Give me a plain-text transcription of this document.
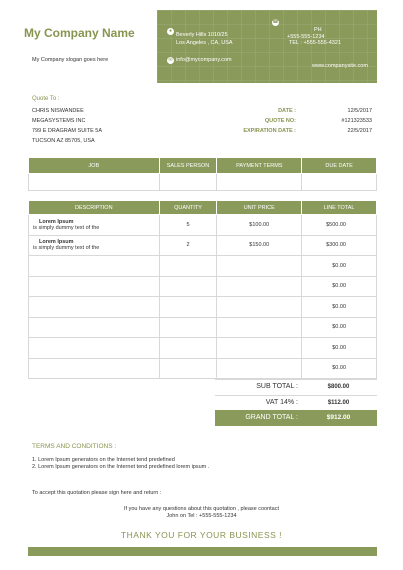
My Company Name
My Company slogan goes here
●
Beverly Hills 1010/25
Los Angeles , CA, USA
☎
PH
+555-555-1234
TEL : +555-555-4321
✉ info@mycompany.com
www.companysite.com
Quote To :
CHRIS NISWANDEE
MEGASYSTEMS INC
799 E DRAGRAM SUITE 5A
TUCSON AZ 85705, USA
DATE :	12/5/2017
QUOTE NO:	#121323533
EXPIRATION DATE :	22/5/2017
JOB	SALES PERSON	PAYMENT TERMS	DUE DATE

DESCRIPTION	QUANTITY	UNIT PRICE	LINE TOTAL

Lorem Ipsum
is simply dummy text of the	5	$100.00	$500.00

Lorem Ipsum
is simply dummy text of the	2	$150.00	$300.00

			$0.00

			$0.00

			$0.00

			$0.00

			$0.00

			$0.00
SUB TOTAL :	$800.00
VAT 14% :	$112.00
GRAND TOTAL :	$912.00
TERMS AND CONDITIONS :
1. Lorem Ipsum generators on the Internet tend predefined
2. Lorem Ipsum generators on the Internet tend predefined lorem ipsum .
To accept this quotation please sign here and return :
If you have any questions about this quotation , please coontact
John on Tel : +555-555-1234
THANK YOU FOR YOUR BUSINESS !
